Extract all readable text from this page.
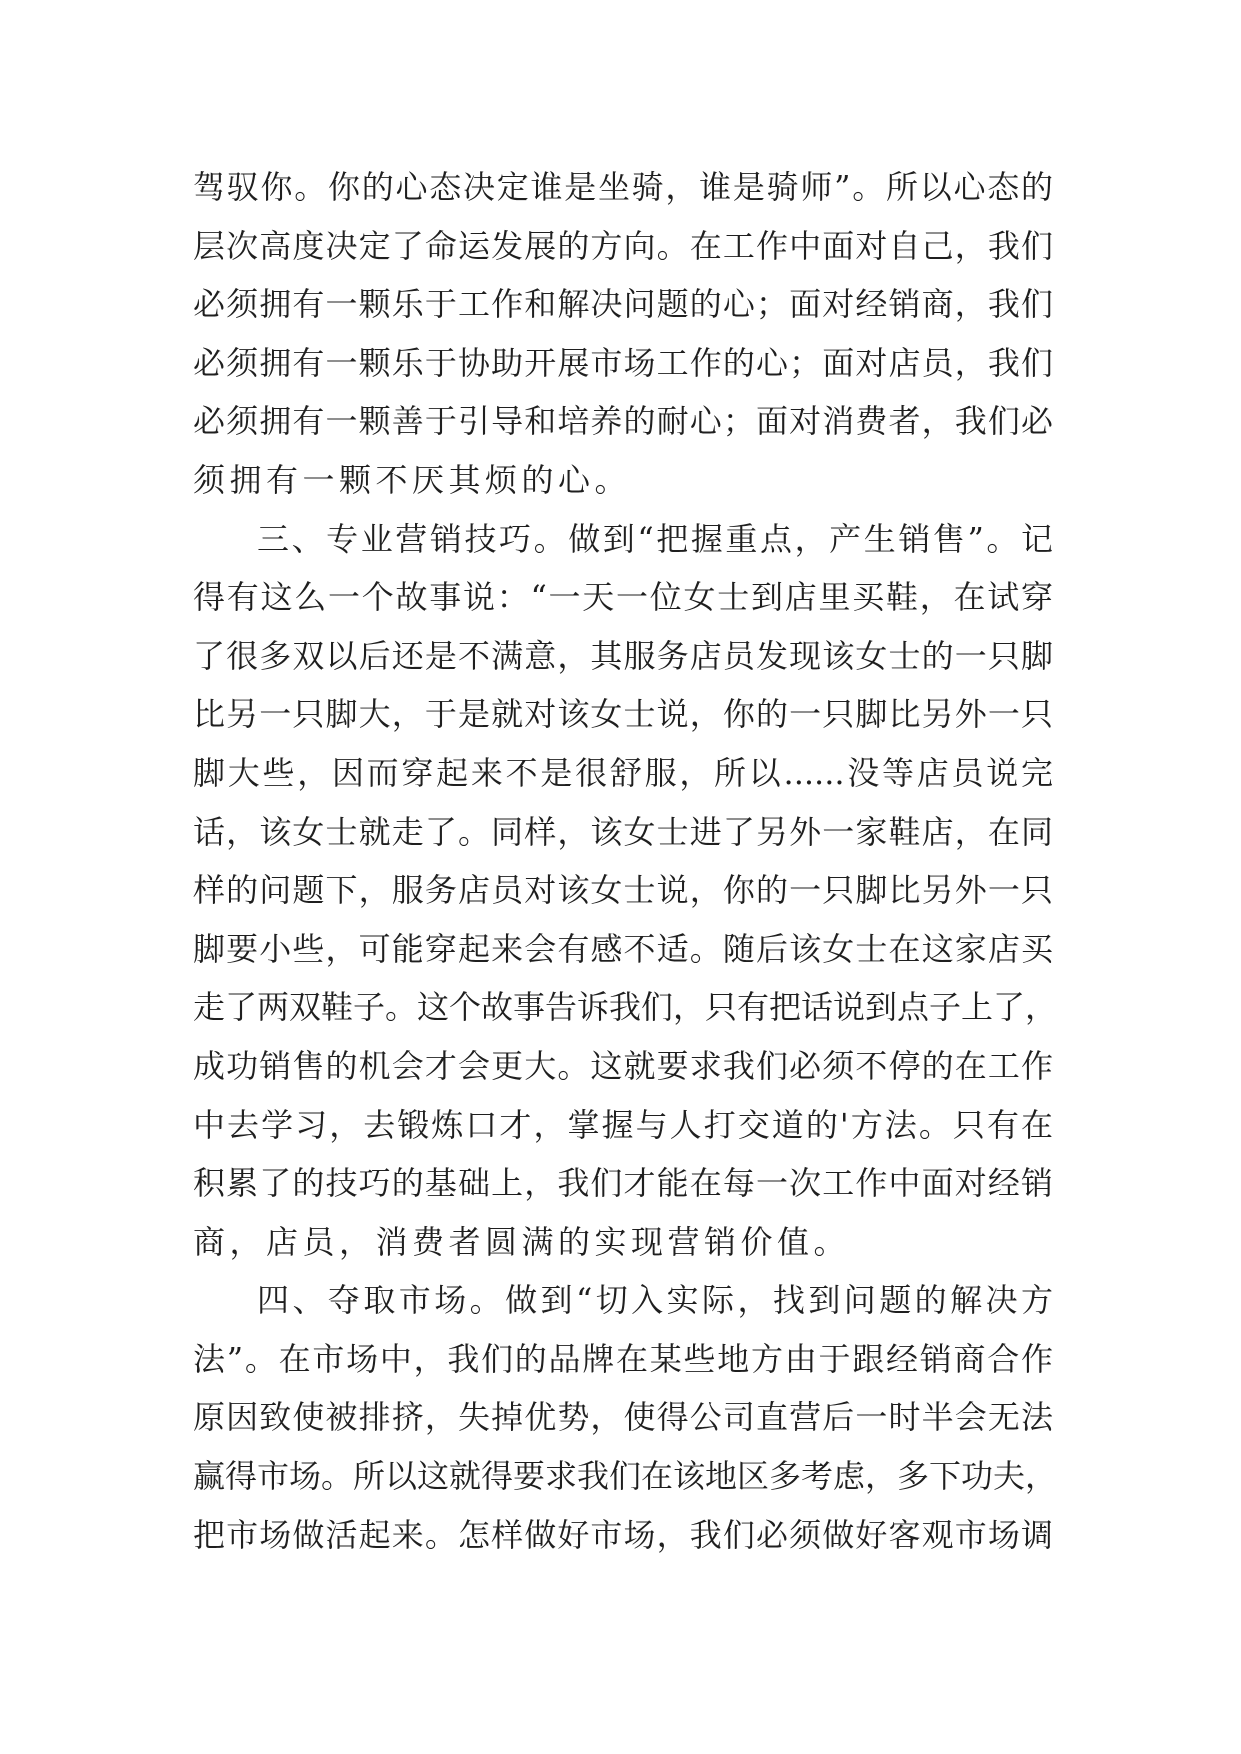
驾驭你。你的心态决定谁是坐骑，谁是骑师”。所以心态的
层次高度决定了命运发展的方向。在工作中面对自己，我们
必须拥有一颗乐于工作和解决问题的心；面对经销商，我们
必须拥有一颗乐于协助开展市场工作的心；面对店员，我们
必须拥有一颗善于引导和培养的耐心；面对消费者，我们必
须拥有一颗不厌其烦的心。
三、专业营销技巧。做到“把握重点，产生销售”。记
得有这么一个故事说：“一天一位女士到店里买鞋，在试穿
了很多双以后还是不满意，其服务店员发现该女士的一只脚
比另一只脚大，于是就对该女士说，你的一只脚比另外一只
脚大些，因而穿起来不是很舒服，所以......没等店员说完
话，该女士就走了。同样，该女士进了另外一家鞋店，在同
样的问题下，服务店员对该女士说，你的一只脚比另外一只
脚要小些，可能穿起来会有感不适。随后该女士在这家店买
走了两双鞋子。这个故事告诉我们，只有把话说到点子上了，
成功销售的机会才会更大。这就要求我们必须不停的在工作
中去学习，去锻炼口才，掌握与人打交道的'方法。只有在
积累了的技巧的基础上，我们才能在每一次工作中面对经销
商，店员，消费者圆满的实现营销价值。
四、夺取市场。做到“切入实际，找到问题的解决方
法”。在市场中，我们的品牌在某些地方由于跟经销商合作
原因致使被排挤，失掉优势，使得公司直营后一时半会无法
赢得市场。所以这就得要求我们在该地区多考虑，多下功夫，
把市场做活起来。怎样做好市场，我们必须做好客观市场调
